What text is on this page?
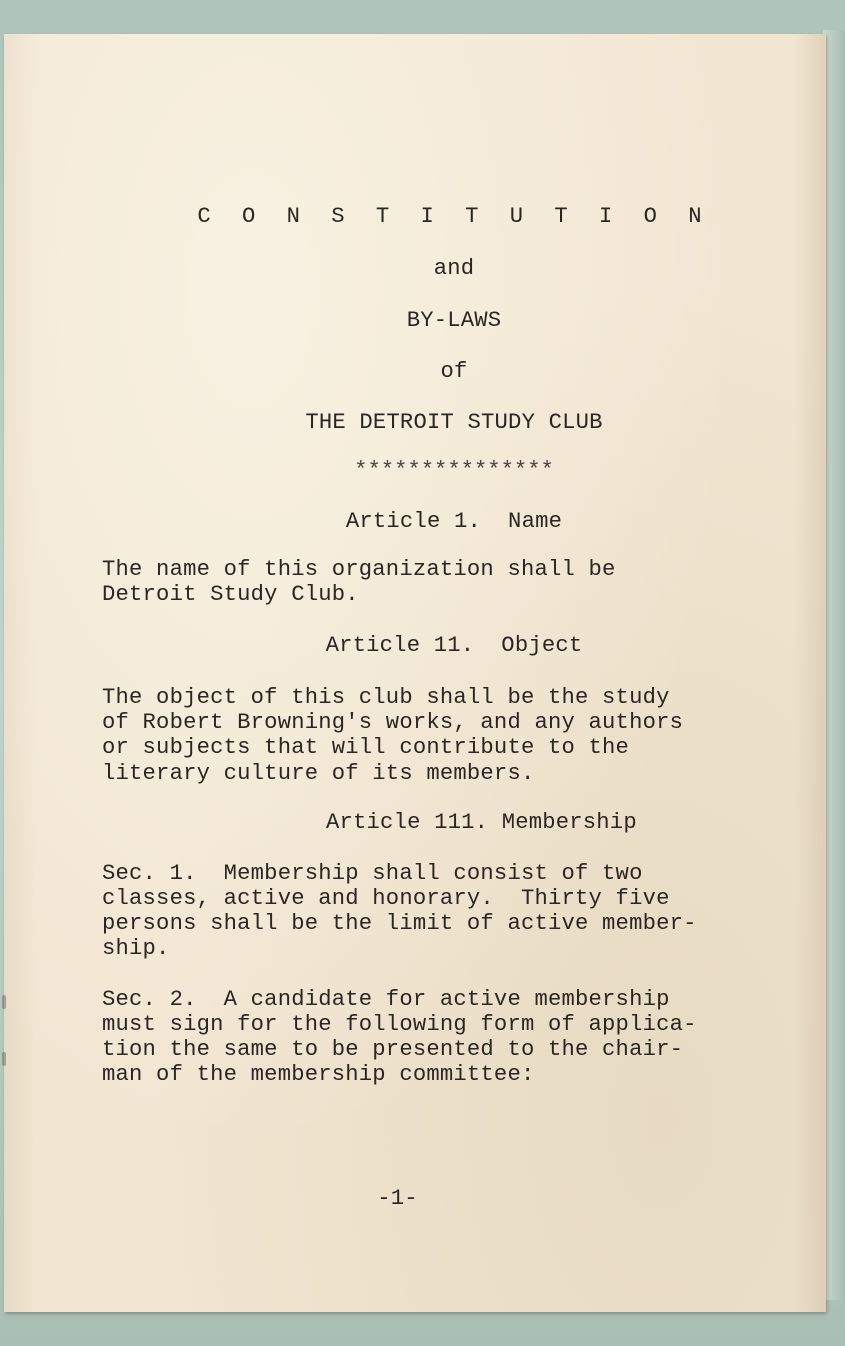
C O N S T I T U T I O N

and

BY-LAWS

of

THE DETROIT STUDY CLUB

***************

Article 1.  Name

The name of this organization shall be

Detroit Study Club.

Article 11.  Object

The object of this club shall be the study

of Robert Browning's works, and any authors

or subjects that will contribute to the

literary culture of its members.

Article 111. Membership

Sec. 1.  Membership shall consist of two

classes, active and honorary.  Thirty five

persons shall be the limit of active member-

ship.

Sec. 2.  A candidate for active membership

must sign for the following form of applica-

tion the same to be presented to the chair-

man of the membership committee:

-1-
